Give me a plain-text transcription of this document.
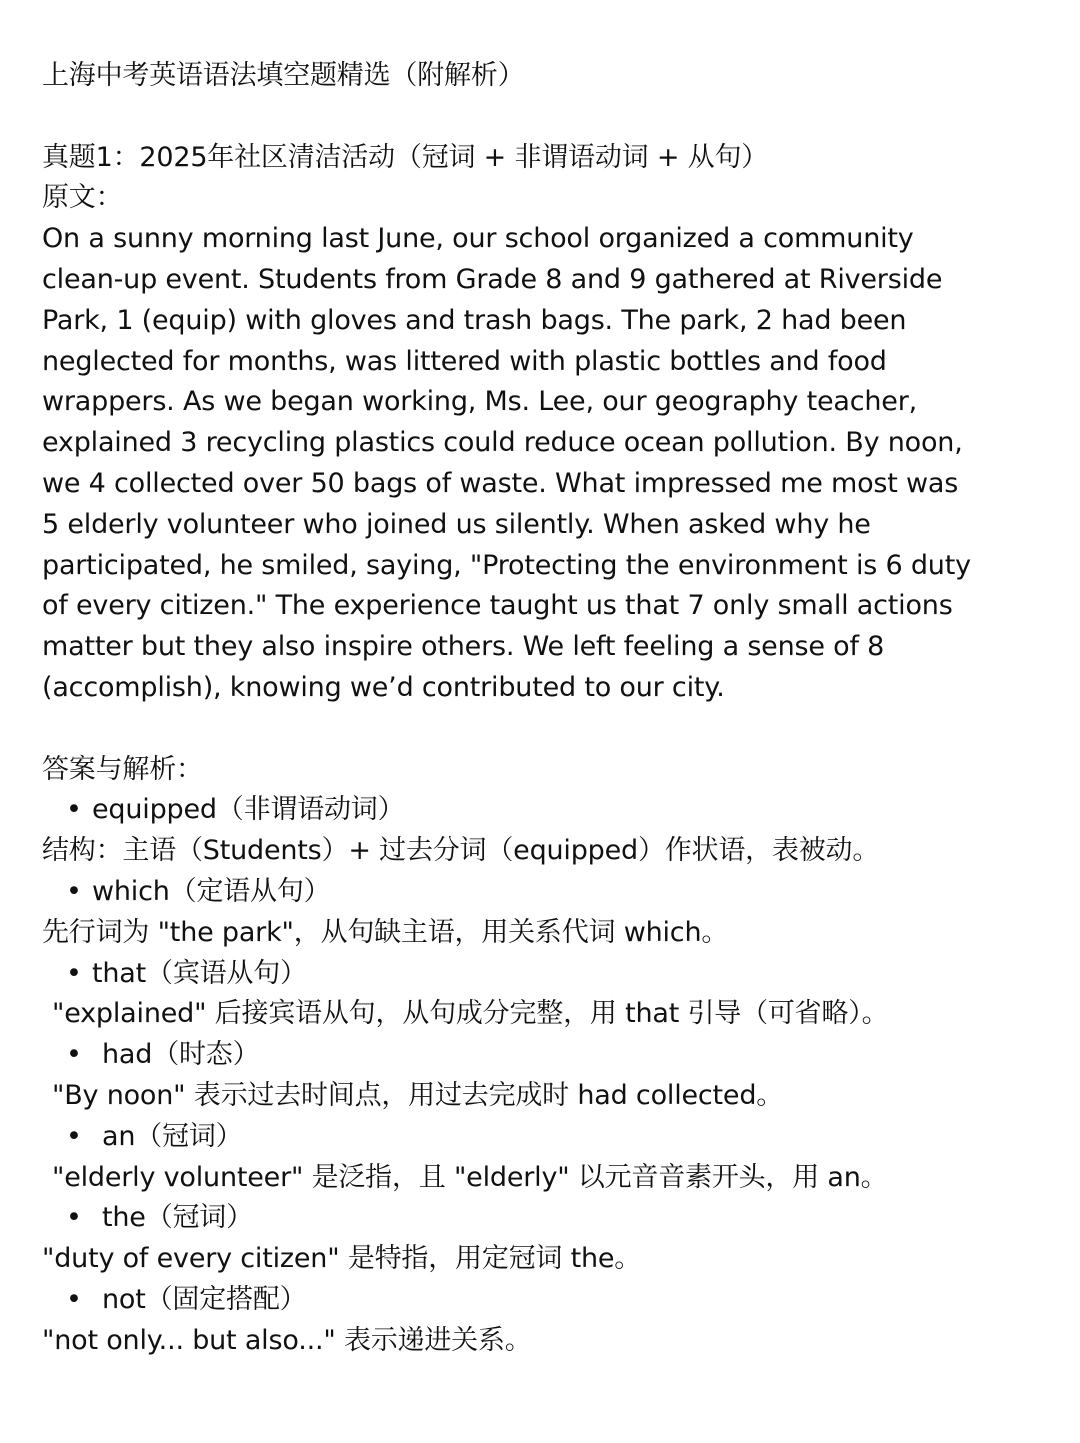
上海中考英语语法填空题精选（附解析）
真题1：2025年社区清洁活动（冠词 + 非谓语动词 + 从句）
原文：
On a sunny morning last June, our school organized a community
clean-up event. Students from Grade 8 and 9 gathered at Riverside
Park, 1 (equip) with gloves and trash bags. The park, 2 had been
neglected for months, was littered with plastic bottles and food
wrappers. As we began working, Ms. Lee, our geography teacher,
explained 3 recycling plastics could reduce ocean pollution. By noon,
we 4 collected over 50 bags of waste. What impressed me most was
5 elderly volunteer who joined us silently. When asked why he
participated, he smiled, saying, "Protecting the environment is 6 duty
of every citizen." The experience taught us that 7 only small actions
matter but they also inspire others. We left feeling a sense of 8
(accomplish), knowing we’d contributed to our city.
答案与解析：
• equipped（非谓语动词）
结构：主语（Students）+ 过去分词（equipped）作状语，表被动。
• which（定语从句）
先行词为 "the park"，从句缺主语，用关系代词 which。
• that（宾语从句）
"explained" 后接宾语从句，从句成分完整，用 that 引导（可省略）。
• had（时态）
"By noon" 表示过去时间点，用过去完成时 had collected。
• an（冠词）
"elderly volunteer" 是泛指，且 "elderly" 以元音音素开头，用 an。
• the（冠词）
"duty of every citizen" 是特指，用定冠词 the。
• not（固定搭配）
"not only... but also..." 表示递进关系。
